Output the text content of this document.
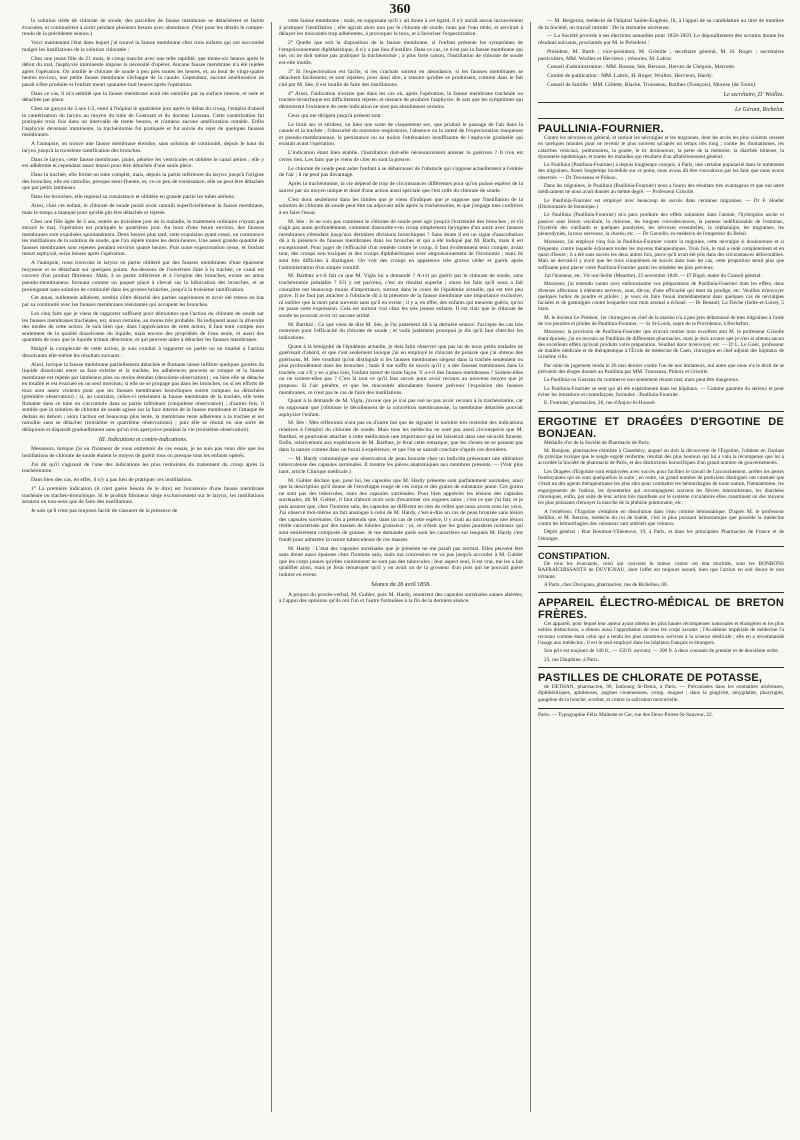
360

la solution tiède de chlorate de soude, des parcelles de fausse membrane se détachèrent et furent évacuées, et continuèrent à sortir pendant plusieurs heures avec abondance. (Voir pour les détails le compte-rendu de la précédente séance.)

Voici maintenant l'état dans lequel j'ai trouvé la fausse membrane chez trois enfants qui ont succombé malgré les instillations de la solution chloratée :

Chez une jeune fille de 21 mois, le croup marche avec une telle rapidité, que trente-six heures après le début du mal, l'asphyxie imminente impose la nécessité d'opérer. Aucune fausse membrane n'a été rejetée après l'opération. On instille le chlorate de soude à peu près toutes les heures, et, au bout de vingt-quatre heures environ, une petite fausse membrane s'échappe de la canule. Cependant, aucune amélioration ne paraît s'être produite et l'enfant meurt quarante-huit heures après l'opération.

Dans ce cas, il m'a semblé que la fausse membrane avait été ramollie par sa surface interne, et usée et détachée par place.

Chez un garçon de 3 ans 1/2, entré à l'hôpital le quatrième jour après le début du croup, l'emploi d'abord la cautérisation du larynx au moyen du tube de Guersant et du docteur Loiseau. Cette cautérisation fut pratiquée trois fois dans un intervalle de trente heures, et n'amena aucune amélioration notable. Enfin l'asphyxie devenant imminente, la trachéotomie fut pratiquée et fut suivie du rejet de quelques fausses membranes.

A l'autopsie, on trouve une fausse membrane étendue, sans solution de continuité, depuis le haut du larynx jusqu'à la troisième ramification des bronches.

Dans le larynx, cette fausse membrane, jaune, pénètre les ventricules et oblitère le canal aérien ; elle y est adhérente et cependant assez tenace pour être détachée d'une seule pièce.

Dans la trachée, elle forme un tube complet, mais, depuis la partie inférieure du larynx jusqu'à l'origine des bronches, elle est ramollie, presque semi-fluente, et, vu ce peu de consistance, elle ne peut être détachée que par petits lambeaux.

Dans les bronches, elle reprend sa consistance et oblitère en grande partie les tubes aériens.

Ainsi, chez cet enfant, le chlorate de soude paraît avoir ramolli superficiellement la fausse membrane, mais le temps a manqué pour qu'elle pût être détachée et rejetée.

Chez une fille âgée de 5 ans, entrée au troisième jour de la maladie, le traitement ordinaire n'ayant pas enrayé le mal, l'opération est pratiquée le quatrième jour. Au bout d'une heure environ, des fausses membranes sont expulsées spontanément. Deux heures plus tard, cette expulsion ayant cessé, on commence les instillations de la solution de soude, que l'on répète toutes les demi-heures. Une assez grande quantité de fausses membranes sont rejetées pendant environ quatre heures. Puis toute expectoration cesse, et l'enfant meurt asphyxié, seize heures après l'opération.

A l'autopsie, nous trouvons le larynx en partie oblitéré par des fausses membranes d'une épaisseur moyenne et se détachant sur quelques points. Au-dessous de l'ouverture faite à la trachée, ce canal est couvert d'un produit fibrineux. Mais, à sa partie inférieure et à l'origine des bronches, existe un amas pseudo-membraneux formant comme un paquet placé à cheval sur la bifurcation des bronches, et se prolongeant sans solution de continuité dans les grosses bronches, jusqu'à la troisième ramification.

Cet amas, nullement adhérent, semble s'être détaché des parties supérieures et avoir été retenu en bas par sa continuité avec les fausses membranes résistantes qui occupent les bronches.

Les cinq faits que je viens de rapporter suffisent pour démontrer que l'action du chlorate de soude sur les fausses membranes trachéales, est, sinon certaine, au moins très probable. Ils indiquent aussi la diversité des modes de cette action. Je suis bien que, dans l'appréciation de cette action, il faut tenir compte non seulement de la qualité dissolvante du liquide, mais encore des propriétés de l'eau seule, et aussi des quantités de toux que le liquide irritant détermine, et qui peuvent aider à détacher les fausses membranes.

Malgré la complexité de cette action, je suis conduit à rapporter en partie ou en totalité à l'action dissolvante elle-même les résultats suivants :

Ainsi, lorsque la fausse membrane partiellement détachée et flottante laisse infiltrer quelques gouttes du liquide dissolvant entre sa face externe et la trachée, les adhérences peuvent se rompre et la fausse membrane est rejetée par lambeaux plus ou moins étendus (deuxième observation) ; ou bien elle se détache en totalité et est évacuée en un seul morceau, si elle ne se propage pas dans les bronches, ou si les efforts de toux sont assez violents pour que les fausses membranes bronchiques soient rompues ou détachées (première observation) ; si, au contraire, celles-ci retiennent la fausse membrane de la trachée, elle reste flottante dans ce tube ou s'accumule dans sa partie inférieure (cinquième observation) ; d'autres fois, il semble que la solution de chlorate de soude agisse sur la face interne de la fausse membrane et l'attaque de dedans en dehors ; alors l'action est beaucoup plus lente, la membrane reste adhérente à la trachée et est ramollie sans se détacher (troisième et quatrième observations) ; puis elle se résout en une sorte de déliquium et disparaît graduellement sans qu'on s'en aperçoive pendant la vie (troisième observation).

III. Indications et contre-indications.

Messieurs, lorsque j'ai eu l'honneur de vous entretenir de ces essais, je ne suis pas venu dire que les instillations de chlorate de soude étaient le moyen de guérir tous ou presque tous les enfants opérés.

J'ai dit qu'il s'agissait de l'une des indications les plus restreintes du traitement du croup après la trachéotomie.

Dans bien des cas, en effet, il n'y a pas lieu de pratiquer ces instillations.

1° La première indication (il n'est guère besoin de le dire) est l'existence d'une fausse membrane trachéale ou trachéo-bronchique. Si le produit fibrineux siège exclusivement sur le larynx, les instillations seraient un non-sens que de faire des instillations.

Je sais qu'il n'est pas toujours facile de s'assurer de la présence de

cette fausse membrane ; mais, en supposant qu'il y ait doute à cet égard, il n'y aurait aucun inconvénient à pratiquer l'instillation ; elle agirait alors non par le chlorate de soude, mais par l'eau tiède, et servirait à délayer les mucosités trop adhérentes, à provoquer la toux, et à favoriser l'expectoration.

2° Quelle que soit la disposition de la fausse membrane, si l'enfant présente les symptômes de l'empoisonnement diphthéritique, il n'y a pas lieu d'instiller. Dans ce cas, ce n'est pas la fausse membrane qui tue, on ne doit même pas pratiquer la trachéotomie ; à plus forte raison, l'instillation de chlorate de soude est-elle inutile.

3° Si l'expectoration est facile, si les crachats sortent en abondance, si les fausses membranes se détachent facilement, et sont rejetées, pour ainsi dire, à mesure qu'elles se produisent, comme dans le fait cité par M. Sée, il est inutile de faire des instillations.

4° Ainsi, l'indication n'existe que dans les cas où, après l'opération, la fausse membrane trachéale ou trachéo-bronchique est difficilement rejetée, et menace de produire l'asphyxie. Je sais que les symptômes qui démontrent l'existence de cette indication ne sont pas absolument certains.

Ceux qui me dirigent jusqu'à présent sont :

Le bruit sec et strident, ou bien une sorte de claquement sec, que produit le passage de l'air dans la canule et la trachée ; l'obscurité du murmure respiratoire, l'absence ou la rareté de l'expectoration muqueuse et pseudo-membraneuse, la persistance ou au moins l'atténuation insuffisante de l'asphyxie graduelle qui existait avant l'opération.

L'indication étant bien établie, l'instillation doit-elle nécessairement amener la guérison ? Il n'en est certes rien. Les faits que je viens de citer en sont la preuve.

Le chlorate de soude peut aider l'enfant à se débarrasser de l'obstacle qui s'oppose actuellement à l'entrée de l'air ; il ne peut pas davantage.

Après la trachéotomie, la vie dépend de trop de circonstances différentes pour qu'on puisse espérer de la sauver par un moyen unique et doué d'une action aussi spéciale que l'est celle du chlorate de soude.

C'est donc seulement dans les limites que je viens d'indiquer que je suppose que l'instillation de la solution de chlorate de soude peut être un adjuvant utile après la trachéotomie, et que j'engage mes confrères à en faire l'essai.

M. Sée : Je ne vois pas comment le chlorate de soude peut agir jusqu'à l'extrémité des bronches ; et s'il s'agit pas aussi profondément, comment dissoudre-t-on croup simplement laryngien d'un autre avec fausses membranes s'étendant jusqu'aux dernières divisions bronchiques ? Sans doute il est un signe d'auscultation dû à la présence de fausses membranes dans les bronches et qui a été indiqué par M. Barth, mais il est exceptionnel. Pour juger de l'efficacité d'un remède contre le croup, il faut évidemment tenir compte, avant tout, des croups non toxiques et des croups diphthéritiques avec empoisonnement de l'économie ; mais ils sont très difficiles à distinguer. On voit des croups en apparence très graves céder et guérir après l'administration d'un simple vomitif.

M. Barthez a-t-il fait ce que M. Vigla lui a demandé ? A-t-il pu guérir par le chlorate de soude, sans trachéotomie préalable ? S'il y est parvenu, c'est un résultat superbe ; sinon les faits qu'il nous a fait connaître ont beaucoup moins d'importance, surtout dans le cours de l'épidémie actuelle, qui est très peu grave. Il ne faut pas attacher à l'obstacle dû à la présence de la fausse membrane une importance exclusive, ni oublier que la mort peut survenir sans qu'il en existe ; il y a, en effet, des enfants qui meurent guéris, qu'on ne passe cette expression. Cela est surtout vrai chez les très jeunes enfants. Il est clair que le chlorate de soude ne pourrait avoir ici aucune utilité.

M. Barthez : Ce que vient de dire M. Sée, je l'ai justement dit à la dernière séance. J'accepte les cas très restreints pour l'efficacité du chlorate de soude ; et voilà justement pourquoi je dis qu'il faut chercher les indications.

Quant à la bénignité de l'épidémie actuelle, je dois faire observer que pas un de nous petits malades ne guérissait d'abord, et que c'est seulement lorsque j'ai eu employé le chlorate de potasse que j'ai obtenu des guérisons. M. Sée voudrait qu'on distinguât si les fausses membranes siègent dans la trachée seulement ou plus profondément dans les bronches ; mais il me suffit de savoir qu'il y a des fausses membranes dans la trachée, car s'il y en a plus loin, l'enfant meurt de toute façon. Y a-t-il des fausses membranes ? Sortent-elles ou ne sortent-elles pas ? C'est là tout ce qu'il faut savoir pour avoir recours au nouveau moyen que je propose. Si l'air pénètre, et que les mucosités abondantes fussent prévenir l'expulsion des fausses membranes, ce n'est pas le cas de faire des instillations.

Quant à la demande de M. Vigla, j'avoue que je n'ai pas osé ne pas avoir recours à la trachéotomie, car en supposant que j'obtinsse le décollement de la concrétion membraneuse, la membrane détachée pouvait asphyxier l'enfant.

M. Sée : Mes réflexions n'ont pas eu d'autre but que de signaler le nombre très restreint des indications relatives à l'emploi du chlorate de soude. Mais tous les médecins ne sont pas aussi circonspects que M. Barthez, et pourraient attacher à cette médication une importance qui les laisserait dans une sécurité funeste. Enfin, relativement aux expériences de M. Barthez, je ferai cette remarque, que les choses ne se passent pas dans la nature comme dans un bocal à expérience, et que l'on se saurait conclure d'après ces dernières.

— M. Hardy communique une observation de peau bronzée chez un individu présentant une altération tuberculeuse des capsules surrénales. Il montre les pièces anatomiques aux membres présents. — (Voir plus haut, article Clinique médicale.)

M. Gubler déclare que, pour lui, les capsules que M. Hardy présente sont parfaitement normales, ainsi que la description qu'il donne de l'enveloppe rouge de ces corps et des grains de substance jaune. Ces grains ne sont pas des tubercules, mais des capsules surrénales. Pour bien apprécier les lésions des capsules surrénales, dit M. Gubler, il faut d'abord avoir soin d'examiner ces organes sains ; c'est ce que j'ai fait, et je puis assurer que, chez l'homme sain, les capsules ne diffèrent en rien de celles que nous avons sous les yeux. J'ai observé moi-même un fait analogue à celui de M. Hardy, c'est-à-dire un cas de peau bronzée sans lésion des capsules surrénales. On a prétendu que, dans un cas de cette espèce, il y avait au microscope une lésion réelle caractérisée par des masses de lobules graisseux ; or, ce n'était que les grains jaunâtres normaux qui sont entièrement composés de graisse. Je me demande quels sont les caractères sur lesquels M. Hardy s'est fondé pour admettre la nature tuberculeuse de ces masses.

M. Hardy : L'état des capsules surrénales que je présente ne me paraît pas normal. Elles peuvent être sans doute aussi épaisses chez l'homme sain, mais ma concession ne va pas jusqu'à accorder à M. Gubler que les corps jaunes qu'elles contiennent ne sont pas des tubercules ; leur aspect seul, il est vrai, me les a fait qualifier ainsi, mais je ferai remarquer qu'il y en avait un de la grosseur d'un pois qui ne pouvait guère induire en erreur.

Séance du 28 avril 1858.

A propos du procès-verbal, M. Gubler, puis M. Hardy, montrent des capsules surrénales saines altérées, à l'appui des opinions qu'ils ont l'un et l'autre formulées à la fin de la dernière séance.

— M. Bergeron, médecin de l'hôpital Sainte-Eugénie, lit, à l'appui de sa candidature au titre de membre de la Société, un travail intitulé : De la stomatite ulcéreuse.

— La Société procède à ses élections annuelles pour 1858-1859. Le dépouillement des scrutins donne les résultats suivants, proclamés par M. le Président :

Président, M. Barth ; vice-président, M. Grisolle ; secrétaire général, M. H. Roger ; secrétaires particuliers, MM. Woillez et Hervieux ; trésorier, M. Labric.

Conseil d'administration : MM. Rostan, Sée, Bernutz, Hervez de Chégoin, Marrotte.

Comité de publication : MM. Labric, H. Roger, Woillez, Hervieux, Hardy.

Conseil de famille : MM. Gillette, Blache, Trousseau, Barthez (François), Moreau (de Tours).

Le secrétaire, D' Woillez.
Le Gérant, Richelot.
PAULLINIA-FOURNIER.

Contre les névroses en général, et surtout les névralgies et les migraines, dont les accès les plus violents cessent en quelques minutes pour ne revenir le plus souvent qu'après un temps très long ; contre les rhumatismes, les catarrhes vésicaux, pulmonaires, la goutte, le tic douloureux, la perte de la mémoire, la diarrhée bilieuse, la dysenterie épidémique, et toutes les maladies qui résultent d'un affaiblissement général.

Le Paullinia (Paullinia-Fournier) a depuis longtemps conquis, à Paris, une certaine popularité dans le traitement des migraines. Assez longtemps incrédule sur ce point, nous avons dû être convaincus par les faits que nous avons observés. — Dr Trousseau et Pidoux.

Dans les migraines, le Paullinia (Paullinia-Fournier) nous a fourni des résultats très avantageux et que nul autre médicament ne nous avait donnés au même degré. — Professeur Grisolle.

Le Paullinia-Fournier est employé avec beaucoup de succès dans certaines migraines. — Dr F. Hoefer (Dictionnaire de botanique.)

Le Paullinia (Paullinia-Fournier) m'a paru produire des effets salutaires dans l'atonie, l'hydropisie ascite et passive sans lésion viscérale, la chlorose, les longues convalescences, la paresse indéfinissable de l'estomac, l'hystérie des vieillards et quelques paralysies, les névroses essentielles, la céphalalgie, les migraines, les pleurodynies, la toux nerveuse, la chorée, etc. — Dr Gavrelle, ex-médecin de l'empereur du Brésil.

Monsieur, j'ai employé cinq fois le Paullinia-Fournier contre la migraine, cette névralgie si douloureuse et si fréquente, contre laquelle échouent toutes les moyens thérapeutiques. Trois fois, le mal a cédé complètement et en quart d'heure ; il a été sans succès les deux autres fois, parce qu'il avait été pris dans des circonstances défavorables. Mais ne devrait-il y avoir que les trois cinquièmes de succès dans tous les cas, cette proportion serait plus que suffisante pour placer votre Paullinia-Fournier parmi les remèdes les plus précieux.

J'ai l'honneur, etc. Vic-sur-Seille (Meurthe), 23 novembre 1849. — D' Bigré, maire du Conseil général.

Monsieur, j'ai entendu vanter avec enthousiasme vos préparations de Paullinia-Fournier dont les effets, dans diverses affections à éléments nerveux, sont, dit-on, d'une efficacité qui tient du prodige, etc. Veuillez m'envoyer quelques boîtes de poudre et pilules ; je veux en faire l'essai immédiatement dans quelques cas de névralgies faciales et de gastralgies contre lesquelles tout mon arsenal a échoué. — Dr Renault, La Flèche (Indre-et-Loire), 5 mars.

M. le docteur Le Prédour, 1er chirurgien en chef de la marine n'a à peu près débarrassé de mes migraines à l'aide de vos poudres et pilules de Paullinia-Fournier. — Sr St-Louis, supre de la Providence, à Rochefort.

Monsieur, la provision de Paullinia-Fournier que m'avait remise mon excellent ami M. le professeur Grisolle étant épuisée, j'ai eu recours au Paullinia de différentes pharmacies, mais je dois avouer que je n'en ai obtenu aucun des excellents effets qu'avait produits votre préparation. Veuillez donc m'envoyer, etc. — D' L. Le Goëc, professeur de matière médicale et de thérapeutique à l'École de médecine de Caen, chirurgien en chef adjoint des hôpitaux de la même ville.

Par suite du jugement rendu le 26 mai dernier contre l'un de nos imitateurs, nul autre que nous n'a le droit de se prévaloir des éloges donnés au Paullinia par MM. Trousseau, Pidoux et Grisolle.

Le Paullinia ou Guarana du commerce nou seulement réussit mal, mais peut être dangereux.

Le Paullinia-Fournier se sent qui ait été expérimenté dans les hôpitaux. — Comme garantie du sérieux et pour éviter les imitations et contrefaçons, formulez : Paullinia-Fournier.

E. Fournier, pharmacien, 26, rue d'Anjou-St-Honoré.

ERGOTINE ET DRAGÉES D'ERGOTINE DE BONJEAN.

Médaille d'or de la Société de Pharmacie de Paris.

M. Bonjean, pharmacien-chimiste à Chambéry, auquel on doit la découverte de l'Ergotine, l'obtient en l'isolant du principe toxique que le seigle ergoté renferme, résultat des plus heureux qui lui a valu la récompense que lui a accordée la Société de pharmacie de Paris, et des distinctions honorifiques d'un grand nombre de gouvernements.

Les Dragées d'Ergotine sont employées avec succès pour faciliter le travail de l'accouchement, arrêter les pertes foudroyantes qui en sont quelquefois la suite ; en outre, un grand nombre de praticiens distingués ont constaté que c'était un des agents thérapeutiques les plus sûrs pour combattre les hémorrhagies de toute nature, l'hématémèse, les engorgements de l'utérus, les dysenteries qui accompagnent souvent les fièvres intermittentes, les diarrhées chroniques, enfin, par suite de leur action très manifeste sur le système circulatoire elles constituent un des moyens les plus puissants d'enrayer la marche de la phthisie pulmonaire, etc.

A l'extérieur, l'Ergotine s'emploie en dissolution dans l'eau comme hémostatique. D'après M. le professeur Sédillot, et M. Retzius, médecin du roi de Suède, c'est le plus puissant hémostatique que possède la médecine contre les hémorrhagies des vaisseaux tant artériels que veineux.

Dépôt général : Rue Bourbon-Villeneuve, 19, à Paris, et dans les principales Pharmacies de France et de l'étranger.

CONSTIPATION.

De tous les évacuants, celui qui convient le mieux contre cet état morbide, sont les BONBONS RAFRAÎCHISSANTS de DUVIGNAU, dont l'effet est toujours assuré, bien que l'action en soit douce et non irritante.

A Paris, chez Duvignau, pharmacien, rue de Richelieu, 66.

APPAREIL ÉLECTRO-MÉDICAL DE BRETON FRÈRES.

Cet appareil, pour lequel leur auteur ayant obtenu les plus hautes récompenses nationales et étrangères et les plus nobles distinctions, a obtenu aussi l'approbation de tous les corps savants ; l'Académie impériale de médecine l'a reconnu comme étant celui qui a rendu les plus nombreux services à la science médicale ; elle en a recommandé l'usage aux médecins ; il est le seul employé dans les hôpitaux français et étrangers.

Son prix est toujours de 140 fr., — 150 fr. ouvrant, — 200 fr. à deux courants de premier et de deuxième ordre.

23, rue Dauphine, à Paris.

PASTILLES DE CHLORATE DE POTASSE,

de DETHAN, pharmacien, 90, faubourg St-Denis, à Paris. — Préconisées dans les stomatites ulcéreuses, diphthéritiques, aphtheuses, angines couenneuses, croup, muguet ; dans la gingivite, amygdalite, pharyngite, gangrène de la bouche, scorbut, et contre la salivation mercurielle.

Paris. — Typographie Félix Malteste et Cie, rue des Deux-Portes-St-Sauveur, 22.
